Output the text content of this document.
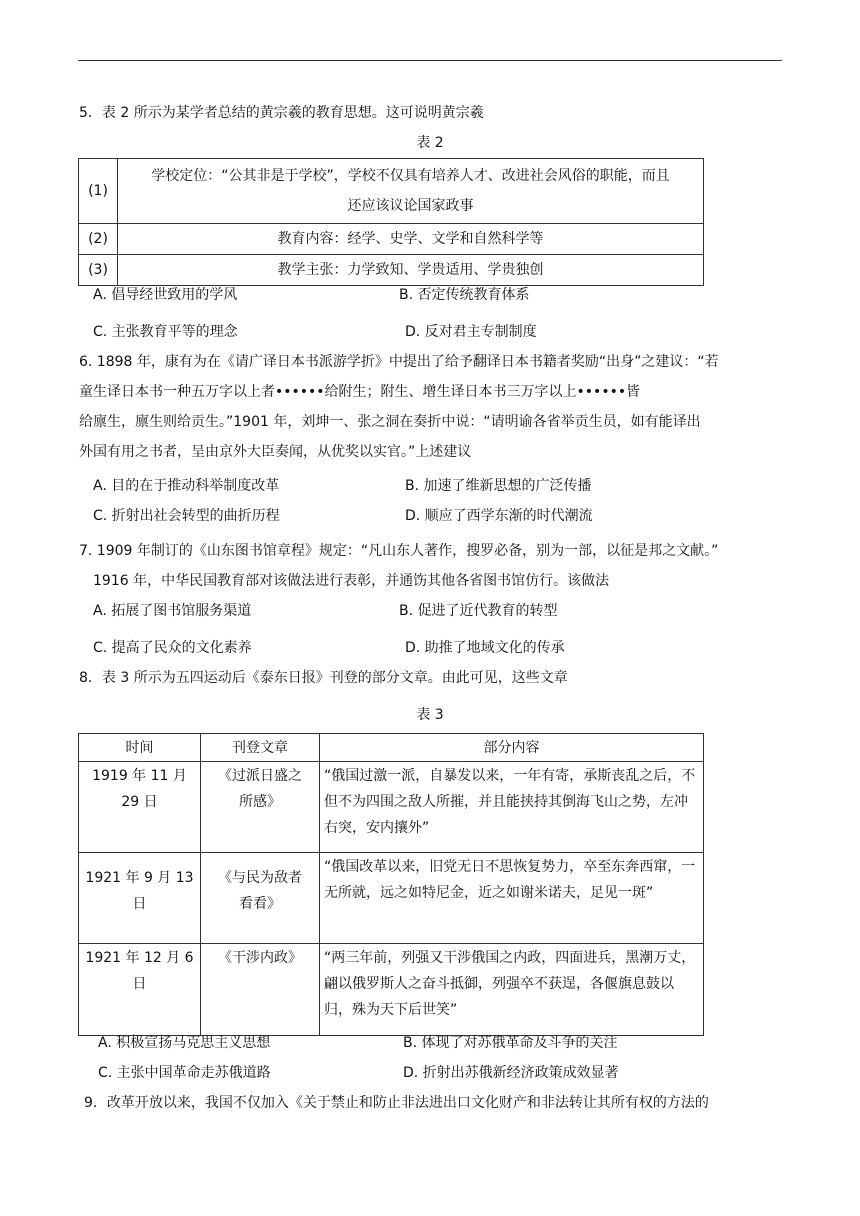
5．表 2 所示为某学者总结的黄宗羲的教育思想。这可说明黄宗羲
表 2
(1)	学校定位：“公其非是于学校”，学校不仅具有培养人才、改进社会风俗的职能，而且
还应该议论国家政事

(2)	教育内容：经学、史学、文学和自然科学等
(3)	教学主张：力学致知、学贵适用、学贵独创
A. 倡导经世致用的学风	B. 否定传统教育体系
C. 主张教育平等的理念	D. 反对君主专制制度
6. 1898 年，康有为在《请广译日本书派游学折》中提出了给予翻译日本书籍者奖励“出身”之建议：“若
童生译日本书一种五万字以上者••••••给附生；附生、增生译日本书三万字以上••••••皆
给廪生，廪生则给贡生。”1901 年，刘坤一、张之洞在奏折中说：“请明谕各省举贡生员，如有能译出
外国有用之书者，呈由京外大臣奏闻，从优奖以实官。”上述建议
A. 目的在于推动科举制度改革	B. 加速了维新思想的广泛传播
C. 折射出社会转型的曲折历程	D. 顺应了西学东渐的时代潮流
7. 1909 年制订的《山东图书馆章程》规定：“凡山东人著作，搜罗必备，别为一部，以征是邦之文献。”
1916 年，中华民国教育部对该做法进行表彰，并通饬其他各省图书馆仿行。该做法
A. 拓展了图书馆服务渠道	B. 促进了近代教育的转型
C. 提高了民众的文化素养	D. 助推了地域文化的传承
8．表 3 所示为五四运动后《泰东日报》刊登的部分文章。由此可见，这些文章
表 3
时间	刊登文章	部分内容
1919 年 11 月 29 日	《过派日盛之所感》	“俄国过激一派，自暴发以来，一年有寄，承斯丧乱之后，不但不为四围之敌人所摧，并且能挟持其倒海飞山之势，左冲右突，安内攘外”
1921 年 9 月 13 日	《与民为敌者看看》	“俄国改革以来，旧党无日不思恢复势力，卒至东奔西窜，一无所就，远之如特尼金，近之如谢米诺夫，足见一斑”
1921 年 12 月 6 日	《干涉内政》	“两三年前，列强又干涉俄国之内政，四面进兵，黑潮万丈，翩以俄罗斯人之奋斗抵御，列强卒不获逞，各偃旗息鼓以归，殊为天下后世笑”
A. 积极宣扬马克思主义思想	B. 体现了对苏俄革命及斗争的关注
C. 主张中国革命走苏俄道路	D. 折射出苏俄新经济政策成效显著
9．改革开放以来，我国不仅加入《关于禁止和防止非法进出口文化财产和非法转让其所有权的方法的
